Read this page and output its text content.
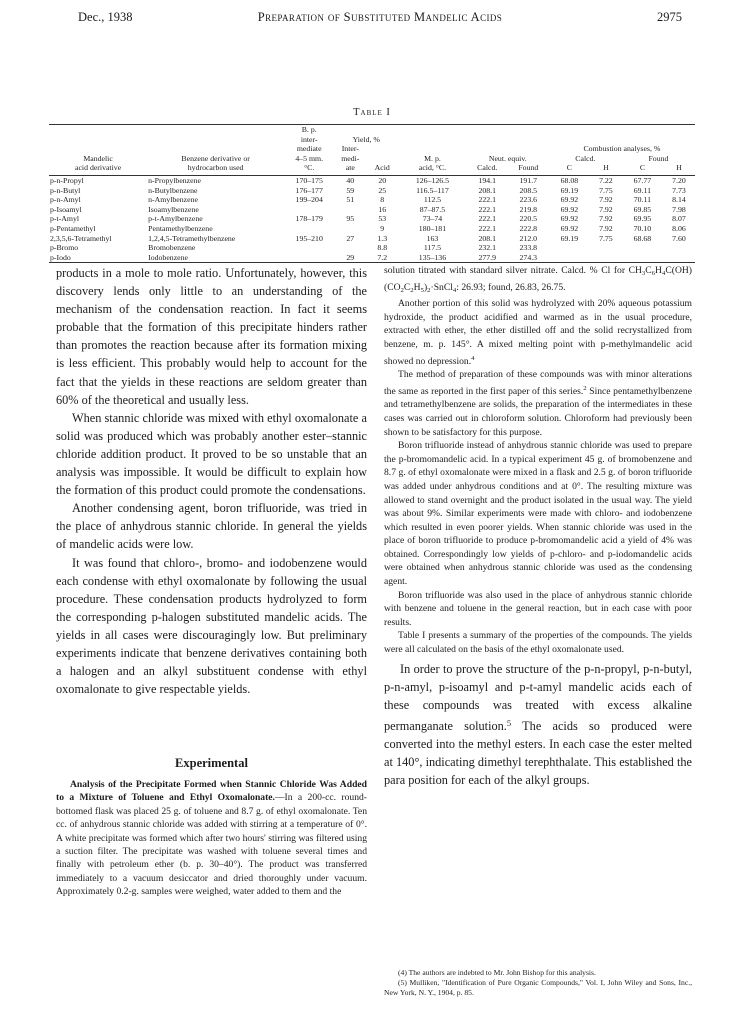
Dec., 1938	Preparation of Substituted Mandelic Acids	2975
Table I
		B. p.									
		inter-	Yield, %								
		mediate	Inter-					Combustion analyses, %			
Mandelic	Benzene derivative or	4–5 mm.	medi-		M. p.	Neut. equiv.		Calcd.		Found	
acid derivative	hydrocarbon used	°C.	ate	Acid	acid, °C.	Calcd.	Found	C	H	C	H

p-n-Propyl	n-Propylbenzene	170–175	40	20	126–126.5	194.1	191.7	68.08	7.22	67.77	7.20
p-n-Butyl	n-Butylbenzene	176–177	59	25	116.5–117	208.1	208.5	69.19	7.75	69.11	7.73
p-n-Amyl	n-Amylbenzene	199–204	51	8	112.5	222.1	223.6	69.92	7.92	70.11	8.14
p-Isoamyl	Isoamylbenzene			16	87–87.5	222.1	219.8	69.92	7.92	69.85	7.98
p-t-Amyl	p-t-Amylbenzene	178–179	95	53	73–74	222.1	220.5	69.92	7.92	69.95	8.07
p-Pentamethyl	Pentamethylbenzene			9	180–181	222.1	222.8	69.92	7.92	70.10	8.06
2,3,5,6-Tetramethyl	1,2,4,5-Tetramethylbenzene	195–210	27	1.3	163	208.1	212.0	69.19	7.75	68.68	7.60
p-Bromo	Bromobenzene			8.8	117.5	232.1	233.8				
p-Iodo	Iodobenzene		29	7.2	135–136	277.9	274.3				

products in a mole to mole ratio. Unfortunately, however, this discovery lends only little to an understanding of the mechanism of the condensation reaction. In fact it seems probable that the formation of this precipitate hinders rather than promotes the reaction because after its formation mixing is less efficient. This probably would help to account for the fact that the yields in these reactions are seldom greater than 60% of the theoretical and usually less.

When stannic chloride was mixed with ethyl oxomalonate a solid was produced which was probably another ester–stannic chloride addition product. It proved to be so unstable that an analysis was impossible. It would be difficult to explain how the formation of this product could promote the condensations.

Another condensing agent, boron trifluoride, was tried in the place of anhydrous stannic chloride. In general the yields of mandelic acids were low.

It was found that chloro-, bromo- and iodobenzene would each condense with ethyl oxomalonate by following the usual procedure. These condensation products hydrolyzed to form the corresponding p-halogen substituted mandelic acids. The yields in all cases were discouragingly low. But preliminary experiments indicate that benzene derivatives containing both a halogen and an alkyl substituent condense with ethyl oxomalonate to give respectable yields.

Experimental

Analysis of the Precipitate Formed when Stannic Chloride Was Added to a Mixture of Toluene and Ethyl Oxomalonate.—In a 200-cc. round-bottomed flask was placed 25 g. of toluene and 8.7 g. of ethyl oxomalonate. Ten cc. of anhydrous stannic chloride was added with stirring at a temperature of 0°. A white precipitate was formed which after two hours' stirring was filtered using a suction filter. The precipitate was washed with toluene several times and finally with petroleum ether (b. p. 30–40°). The product was transferred immediately to a vacuum desiccator and dried thoroughly under vacuum. Approximately 0.2-g. samples were weighed, water added to them and the

solution titrated with standard silver nitrate. Calcd. % Cl for $CH_3C_6H_4C(OH)(CO_2C_2H_5)_2\cdot SnCl_4$: 26.93; found, 26.83, 26.75.

Another portion of this solid was hydrolyzed with 20% aqueous potassium hydroxide, the product acidified and warmed as in the usual procedure, extracted with ether, the ether distilled off and the solid recrystallized from benzene, m. p. 145°. A mixed melting point with p-methylmandelic acid showed no depression.$^4$

The method of preparation of these compounds was with minor alterations the same as reported in the first paper of this series.$^2$ Since pentamethylbenzene and tetramethylbenzene are solids, the preparation of the intermediates in these cases was carried out in chloroform solution. Chloroform had previously been shown to be satisfactory for this purpose.

Boron trifluoride instead of anhydrous stannic chloride was used to prepare the p-bromomandelic acid. In a typical experiment 45 g. of bromobenzene and 8.7 g. of ethyl oxomalonate were mixed in a flask and 2.5 g. of boron trifluoride was added under anhydrous conditions and at 0°. The resulting mixture was allowed to stand overnight and the product isolated in the usual way. The yield was about 9%. Similar experiments were made with chloro- and iodobenzene which resulted in even poorer yields. When stannic chloride was used in the place of boron trifluoride to produce p-bromomandelic acid a yield of 4% was obtained. Correspondingly low yields of p-chloro- and p-iodomandelic acids were obtained when anhydrous stannic chloride was used as the condensing agent.

Boron trifluoride was also used in the place of anhydrous stannic chloride with benzene and toluene in the general reaction, but in each case with poor results.

Table I presents a summary of the properties of the compounds. The yields were all calculated on the basis of the ethyl oxomalonate used.

In order to prove the structure of the p-n-propyl, p-n-butyl, p-n-amyl, p-isoamyl and p-t-amyl mandelic acids each of these compounds was treated with excess alkaline permanganate solution.$^5$ The acids so produced were converted into the methyl esters. In each case the ester melted at 140°, indicating dimethyl terephthalate. This established the para position for each of the alkyl groups.

(4) The authors are indebted to Mr. John Bishop for this analysis.

(5) Mulliken, "Identification of Pure Organic Compounds," Vol. I, John Wiley and Sons, Inc., New York, N. Y., 1904, p. 85.
